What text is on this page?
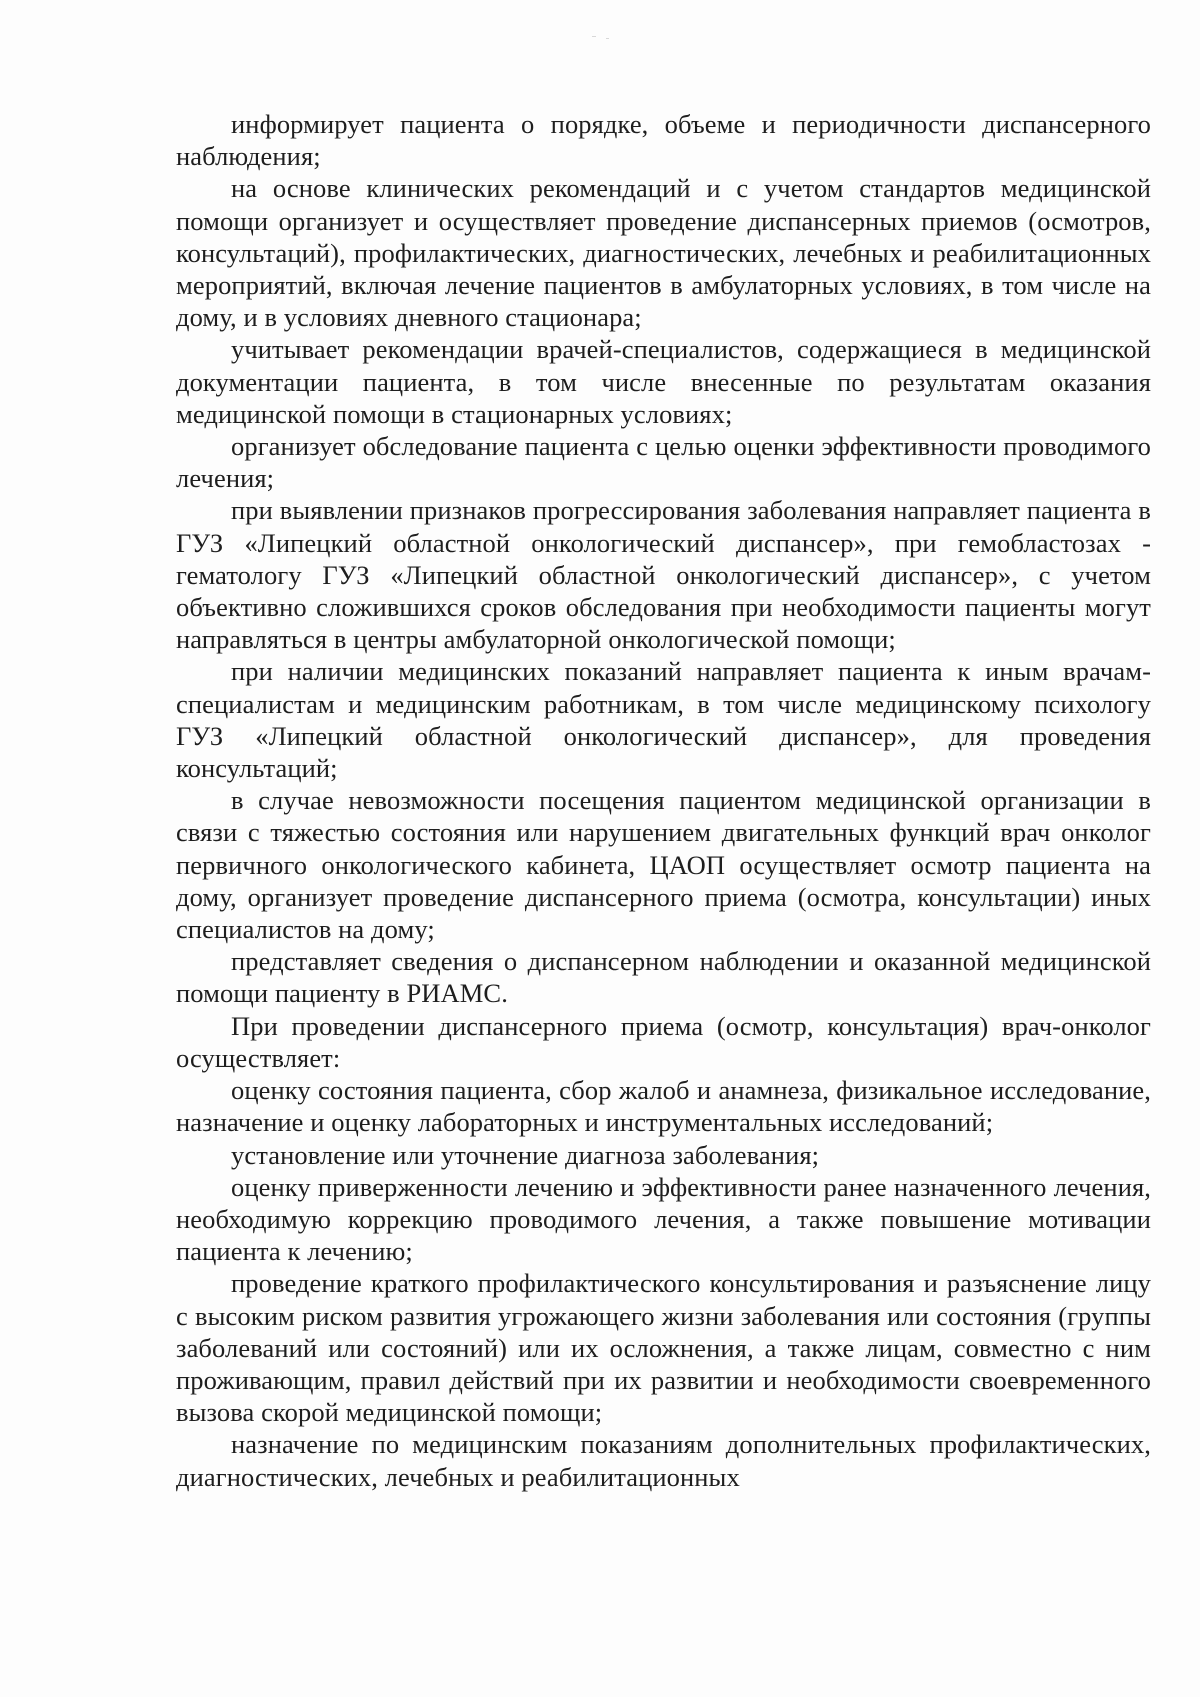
информирует пациента о порядке, объеме и периодичности диспансерного наблюдения;

на основе клинических рекомендаций и с учетом стандартов медицинской помощи организует и осуществляет проведение диспансерных приемов (осмотров, консультаций), профилактических, диагностических, лечебных и реабилитационных мероприятий, включая лечение пациентов в амбулаторных условиях, в том числе на дому, и в условиях дневного стационара;

учитывает рекомендации врачей-специалистов, содержащиеся в медицинской документации пациента, в том числе внесенные по результатам оказания медицинской помощи в стационарных условиях;

организует обследование пациента с целью оценки эффективности проводимого лечения;

при выявлении признаков прогрессирования заболевания направляет пациента в ГУЗ «Липецкий областной онкологический диспансер», при гемобластозах - гематологу ГУЗ «Липецкий областной онкологический диспансер», с учетом объективно сложившихся сроков обследования при необходимости пациенты могут направляться в центры амбулаторной онкологической помощи;

при наличии медицинских показаний направляет пациента к иным врачам-специалистам и медицинским работникам, в том числе медицинскому психологу ГУЗ «Липецкий областной онкологический диспансер», для проведения консультаций;

в случае невозможности посещения пациентом медицинской организации в связи с тяжестью состояния или нарушением двигательных функций врач онколог первичного онкологического кабинета, ЦАОП осуществляет осмотр пациента на дому, организует проведение диспансерного приема (осмотра, консультации) иных специалистов на дому;

представляет сведения о диспансерном наблюдении и оказанной медицинской помощи пациенту в РИАМС.

При проведении диспансерного приема (осмотр, консультация) врач-онколог осуществляет:

оценку состояния пациента, сбор жалоб и анамнеза, физикальное исследование, назначение и оценку лабораторных и инструментальных исследований;

установление или уточнение диагноза заболевания;

оценку приверженности лечению и эффективности ранее назначенного лечения, необходимую коррекцию проводимого лечения, а также повышение мотивации пациента к лечению;

проведение краткого профилактического консультирования и разъяснение лицу с высоким риском развития угрожающего жизни заболевания или состояния (группы заболеваний или состояний) или их осложнения, а также лицам, совместно с ним проживающим, правил действий при их развитии и необходимости своевременного вызова скорой медицинской помощи;

назначение по медицинским показаниям дополнительных профилактических, диагностических, лечебных и реабилитационных
